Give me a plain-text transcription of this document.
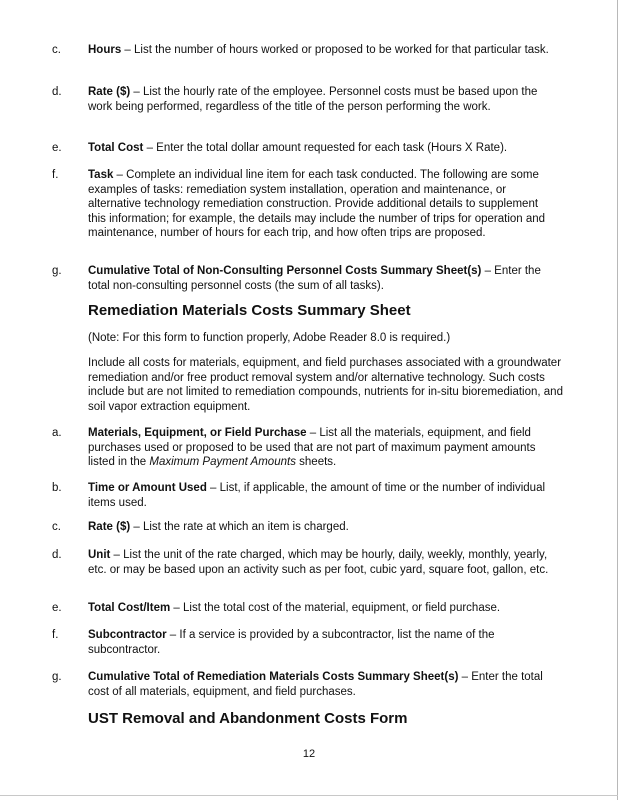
c. Hours – List the number of hours worked or proposed to be worked for that particular task.
d. Rate ($) – List the hourly rate of the employee. Personnel costs must be based upon the work being performed, regardless of the title of the person performing the work.
e. Total Cost – Enter the total dollar amount requested for each task (Hours X Rate).
f.	Task – Complete an individual line item for each task conducted. The following are some examples of tasks: remediation system installation, operation and maintenance, or alternative technology remediation construction. Provide additional details to supplement this information; for example, the details may include the number of trips for operation and maintenance, number of hours for each trip, and how often trips are proposed.
g. Cumulative Total of Non-Consulting Personnel Costs Summary Sheet(s) – Enter the total non-consulting personnel costs (the sum of all tasks).
Remediation Materials Costs Summary Sheet
(Note: For this form to function properly, Adobe Reader 8.0 is required.)
Include all costs for materials, equipment, and field purchases associated with a groundwater remediation and/or free product removal system and/or alternative technology. Such costs include but are not limited to remediation compounds, nutrients for in-situ bioremediation, and soil vapor extraction equipment.
a. Materials, Equipment, or Field Purchase – List all the materials, equipment, and field purchases used or proposed to be used that are not part of maximum payment amounts listed in the Maximum Payment Amounts sheets.
b. Time or Amount Used – List, if applicable, the amount of time or the number of individual items used.
c. Rate ($) – List the rate at which an item is charged.
d. Unit – List the unit of the rate charged, which may be hourly, daily, weekly, monthly, yearly, etc. or may be based upon an activity such as per foot, cubic yard, square foot, gallon, etc.
e. Total Cost/Item – List the total cost of the material, equipment, or field purchase.
f.	Subcontractor – If a service is provided by a subcontractor, list the name of the subcontractor.
g. Cumulative Total of Remediation Materials Costs Summary Sheet(s) – Enter the total cost of all materials, equipment, and field purchases.
UST Removal and Abandonment Costs Form
12
